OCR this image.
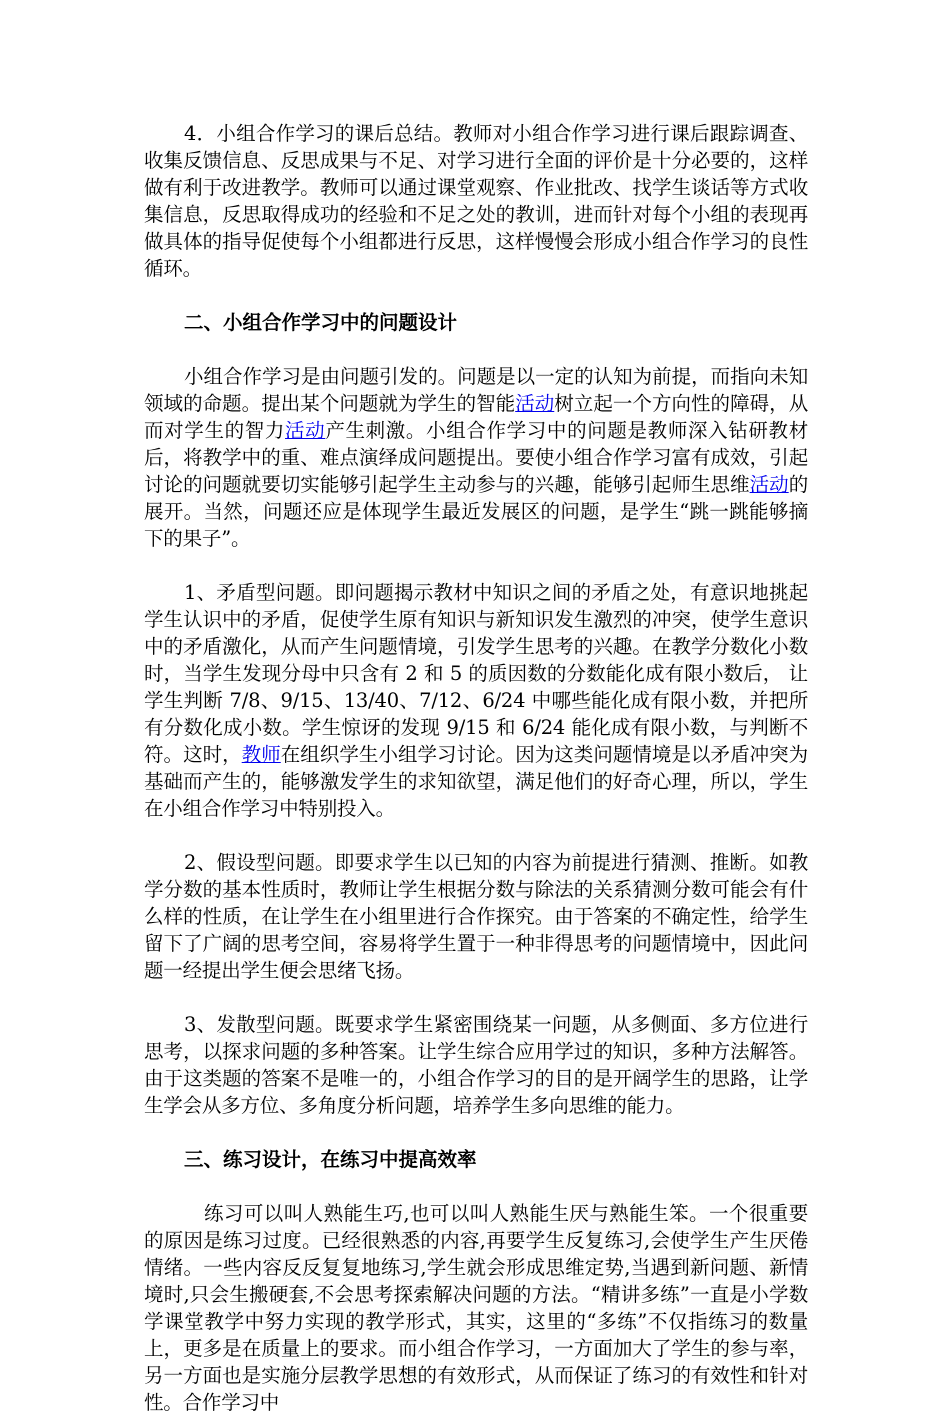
4．小组合作学习的课后总结。教师对小组合作学习进行课后跟踪调查、收集反馈信息、反思成果与不足、对学习进行全面的评价是十分必要的，这样做有利于改进教学。教师可以通过课堂观察、作业批改、找学生谈话等方式收集信息，反思取得成功的经验和不足之处的教训，进而针对每个小组的表现再做具体的指导促使每个小组都进行反思，这样慢慢会形成小组合作学习的良性循环。

二、小组合作学习中的问题设计

小组合作学习是由问题引发的。问题是以一定的认知为前提，而指向未知领域的命题。提出某个问题就为学生的智能活动树立起一个方向性的障碍，从而对学生的智力活动产生刺激。小组合作学习中的问题是教师深入钻研教材后，将教学中的重、难点演绎成问题提出。要使小组合作学习富有成效，引起讨论的问题就要切实能够引起学生主动参与的兴趣，能够引起师生思维活动的展开。当然，问题还应是体现学生最近发展区的问题，是学生“跳一跳能够摘下的果子”。

1、矛盾型问题。即问题揭示教材中知识之间的矛盾之处，有意识地挑起学生认识中的矛盾，促使学生原有知识与新知识发生激烈的冲突，使学生意识中的矛盾激化，从而产生问题情境，引发学生思考的兴趣。在教学分数化小数时，当学生发现分母中只含有 2 和 5 的质因数的分数能化成有限小数后， 让学生判断 7/8、9/15、13/40、7/12、6/24 中哪些能化成有限小数，并把所有分数化成小数。学生惊讶的发现 9/15 和 6/24 能化成有限小数，与判断不符。这时，教师在组织学生小组学习讨论。因为这类问题情境是以矛盾冲突为基础而产生的，能够激发学生的求知欲望，满足他们的好奇心理，所以，学生在小组合作学习中特别投入。

2、假设型问题。即要求学生以已知的内容为前提进行猜测、推断。如教学分数的基本性质时，教师让学生根据分数与除法的关系猜测分数可能会有什么样的性质，在让学生在小组里进行合作探究。由于答案的不确定性，给学生留下了广阔的思考空间，容易将学生置于一种非得思考的问题情境中，因此问题一经提出学生便会思绪飞扬。

3、发散型问题。既要求学生紧密围绕某一问题，从多侧面、多方位进行思考，以探求问题的多种答案。让学生综合应用学过的知识，多种方法解答。由于这类题的答案不是唯一的，小组合作学习的目的是开阔学生的思路，让学生学会从多方位、多角度分析问题，培养学生多向思维的能力。

三、练习设计，在练习中提高效率

练习可以叫人熟能生巧,也可以叫人熟能生厌与熟能生笨。一个很重要的原因是练习过度。已经很熟悉的内容,再要学生反复练习,会使学生产生厌倦情绪。一些内容反反复复地练习,学生就会形成思维定势,当遇到新问题、新情境时,只会生搬硬套,不会思考探索解决问题的方法。“精讲多练”一直是小学数学课堂教学中努力实现的教学形式，其实，这里的“多练”不仅指练习的数量上，更多是在质量上的要求。而小组合作学习，一方面加大了学生的参与率，另一方面也是实施分层教学思想的有效形式，从而保证了练习的有效性和针对性。合作学习中
